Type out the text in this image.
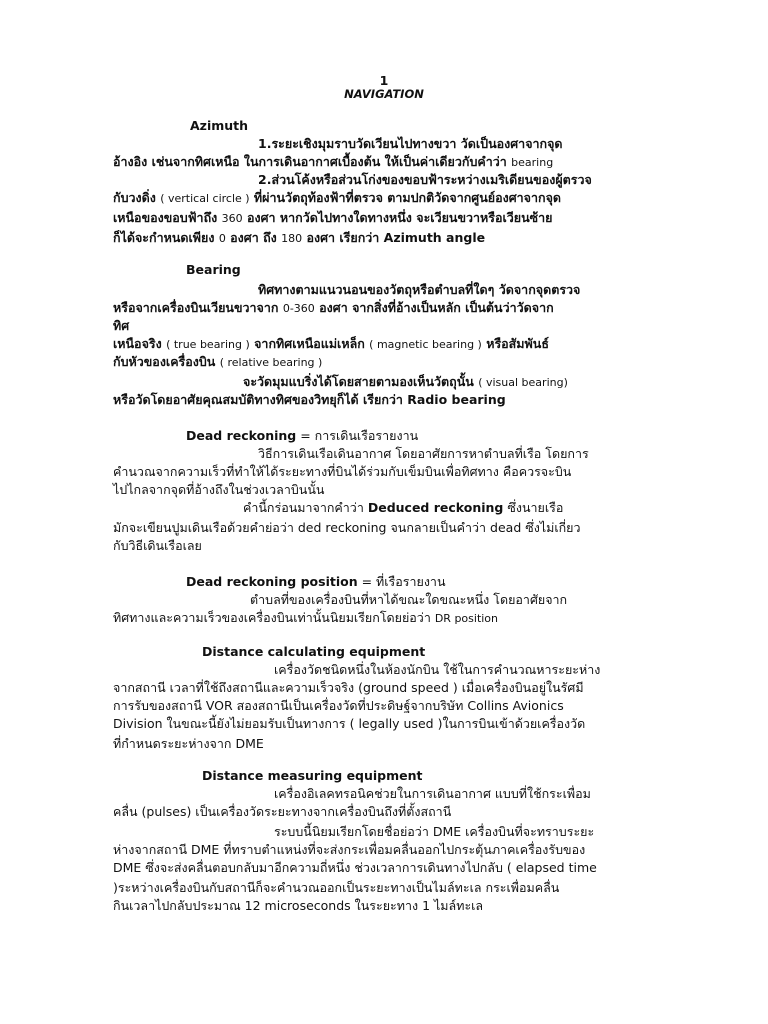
1
NAVIGATION
Azimuth
1.ระยะเชิงมุมราบวัดเวียนไปทางขวา วัดเป็นองศาจากจุด
อ้างอิง เช่นจากทิศเหนือ ในการเดินอากาศเบื้องต้น ให้เป็นค่าเดียวกับคำว่า bearing
2.ส่วนโค้งหรือส่วนโก่งของขอบฟ้าระหว่างเมริเดียนของผู้ตรวจ
กับวงดิ่ง ( vertical circle ) ที่ผ่านวัตถุท้องฟ้าที่ตรวจ ตามปกติวัดจากศูนย์องศาจากจุด
เหนือของขอบฟ้าถึง 360 องศา หากวัดไปทางใดทางหนึ่ง จะเวียนขวาหรือเวียนซ้าย
ก็ได้จะกำหนดเพียง 0 องศา ถึง 180 องศา เรียกว่า Azimuth angle
Bearing
ทิศทางตามแนวนอนของวัตถุหรือตำบลที่ใดๆ วัดจากจุดตรวจ
หรือจากเครื่องบินเวียนขวาจาก 0-360 องศา จากสิ่งที่อ้างเป็นหลัก เป็นต้นว่าวัดจาก
ทิศ
เหนือจริง ( true bearing ) จากทิศเหนือแม่เหล็ก ( magnetic bearing ) หรือสัมพันธ์
กับหัวของเครื่องบิน ( relative bearing )
จะวัดมุมแบริ่งได้โดยสายตามองเห็นวัตถุนั้น ( visual bearing)
หรือวัดโดยอาศัยคุณสมบัติทางทิศของวิทยุก็ได้ เรียกว่า Radio bearing
Dead reckoning = การเดินเรือรายงาน
วิธีการเดินเรือเดินอากาศ โดยอาศัยการหาตำบลที่เรือ โดยการ
คำนวณจากความเร็วที่ทำให้ได้ระยะทางที่บินได้ร่วมกับเข็มบินเพื่อทิศทาง คือควรจะบิน
ไปไกลจากจุดที่อ้างถึงในช่วงเวลาบินนั้น
คำนี้กร่อนมาจากคำว่า Deduced reckoning ซึ่งนายเรือ
มักจะเขียนปูมเดินเรือด้วยคำย่อว่า ded reckoning จนกลายเป็นคำว่า dead ซึ่งไม่เกี่ยว
กับวิธีเดินเรือเลย
Dead reckoning position = ที่เรือรายงาน
ตำบลที่ของเครื่องบินที่หาได้ขณะใดขณะหนึ่ง โดยอาศัยจาก
ทิศทางและความเร็วของเครื่องบินเท่านั้นนิยมเรียกโดยย่อว่า DR position
Distance calculating equipment
เครื่องวัดชนิดหนึ่งในห้องนักบิน ใช้ในการคำนวณหาระยะห่าง
จากสถานี เวลาที่ใช้ถึงสถานีและความเร็วจริง (ground speed ) เมื่อเครื่องบินอยู่ในรัศมี
การรับของสถานี VOR สองสถานีเป็นเครื่องวัดที่ประดิษฐ์จากบริษัท Collins Avionics
Division ในขณะนี้ยังไม่ยอมรับเป็นทางการ ( legally used )ในการบินเข้าด้วยเครื่องวัด
ที่กำหนดระยะห่างจาก DME
Distance measuring equipment
เครื่องอิเลคทรอนิคช่วยในการเดินอากาศ แบบที่ใช้กระเพื่อม
คลื่น (pulses) เป็นเครื่องวัดระยะทางจากเครื่องบินถึงที่ตั้งสถานี
ระบบนี้นิยมเรียกโดยชื่อย่อว่า DME เครื่องบินที่จะทราบระยะ
ห่างจากสถานี DME ที่ทราบตำแหน่งที่จะส่งกระเพื่อมคลื่นออกไปกระตุ้นภาคเครื่องรับของ
DME ซึ่งจะส่งคลื่นตอบกลับมาอีกความถี่หนึ่ง ช่วงเวลาการเดินทางไปกลับ ( elapsed time
)ระหว่างเครื่องบินกับสถานีก็จะคำนวณออกเป็นระยะทางเป็นไมล์ทะเล กระเพื่อมคลื่น
กินเวลาไปกลับประมาณ 12 microseconds ในระยะทาง 1 ไมล์ทะเล
